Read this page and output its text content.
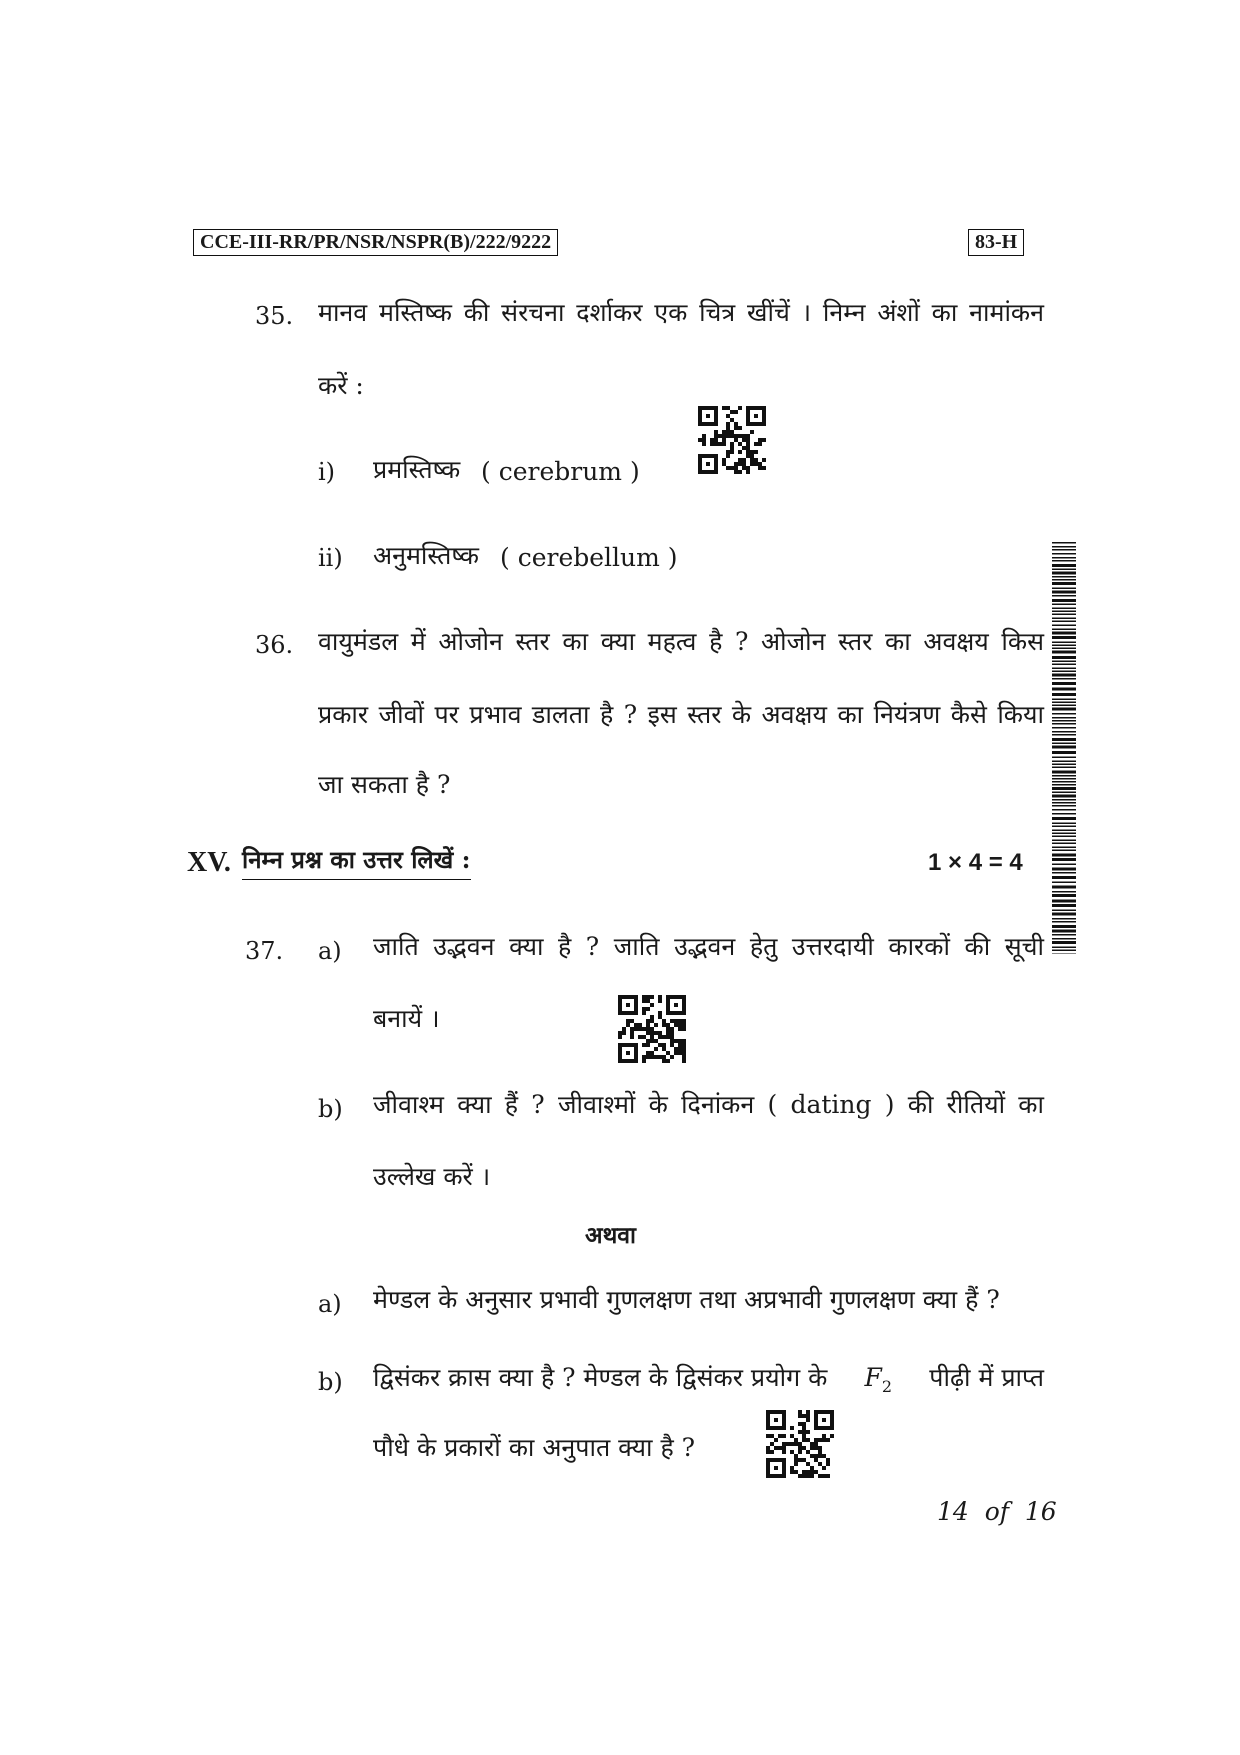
CCE-III-RR/PR/NSR/NSPR(B)/222/9222	83-H
35. मानव मस्तिष्क की संरचना दर्शाकर एक चित्र खींचें । निम्न अंशों का नामांकन
करें :
i) प्रमस्तिष्क ( cerebrum )
ii) अनुमस्तिष्क ( cerebellum )
36. वायुमंडल में ओजोन स्तर का क्या महत्व है ? ओजोन स्तर का अवक्षय किस
प्रकार जीवों पर प्रभाव डालता है ? इस स्तर के अवक्षय का नियंत्रण कैसे किया
जा सकता है ?
XV. निम्न प्रश्न का उत्तर लिखें :	1 × 4 = 4
37. a) जाति उद्भवन क्या है ? जाति उद्भवन हेतु उत्तरदायी कारकों की सूची
बनायें ।
b) जीवाश्म क्या हैं ? जीवाश्मों के दिनांकन ( dating ) की रीतियों का
उल्लेख करें ।
अथवा
a) मेण्डल के अनुसार प्रभावी गुणलक्षण तथा अप्रभावी गुणलक्षण क्या हैं ?
b) द्विसंकर क्रास क्या है ? मेण्डल के द्विसंकर प्रयोग के $F_2$ पीढ़ी में प्राप्त
पौधे के प्रकारों का अनुपात क्या है ?
14  of  16
